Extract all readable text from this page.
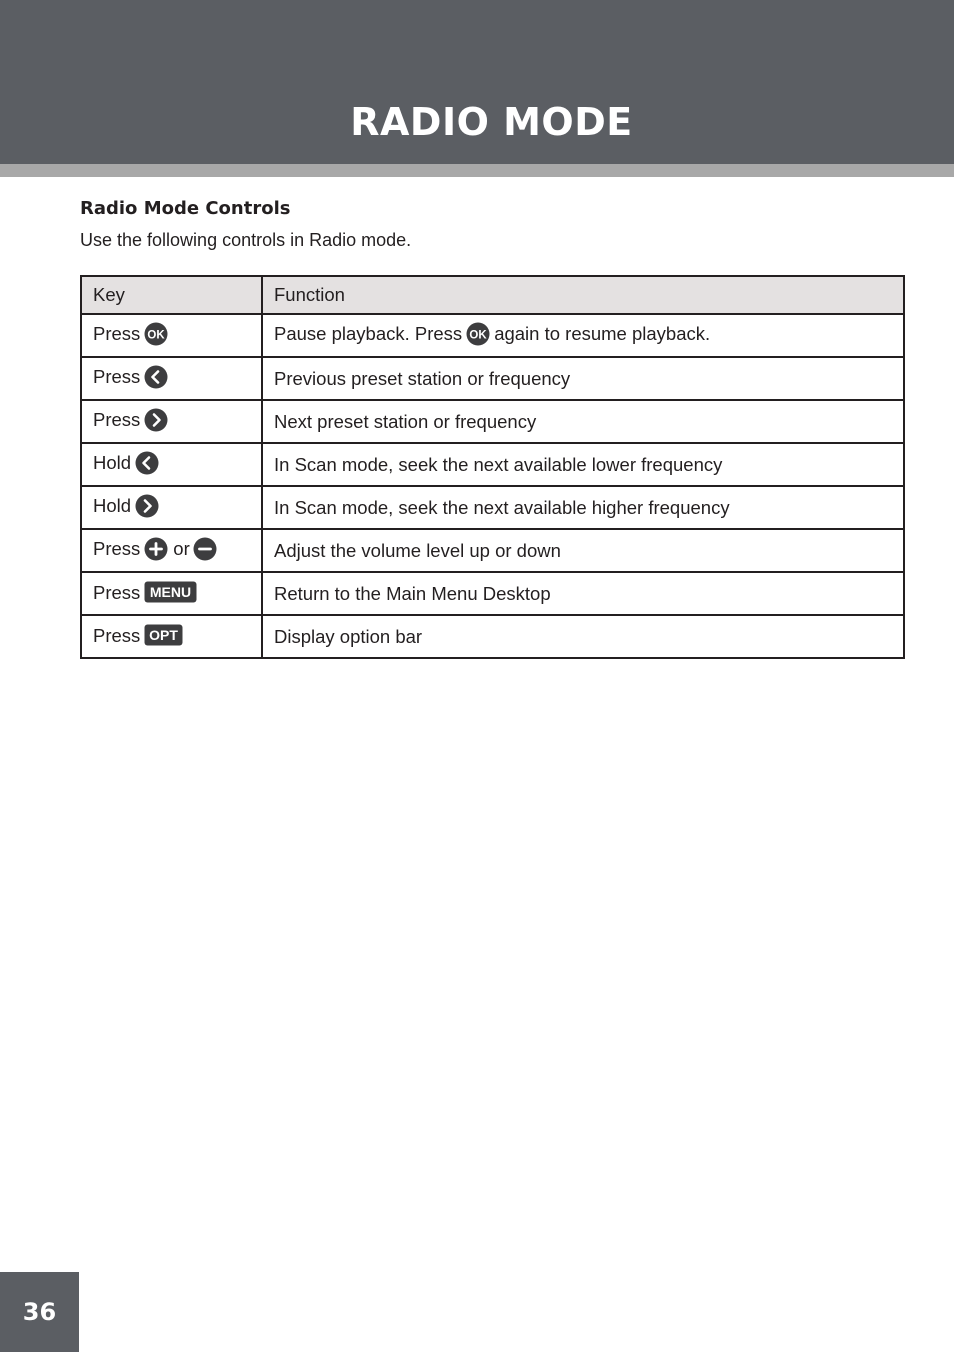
RADIO MODE
Radio Mode Controls
Use the following controls in Radio mode.
Key	Function
Press OK	Pause playback. Press OK again to resume playback.
Press	Previous preset station or frequency
Press	Next preset station or frequency
Hold	In Scan mode, seek the next available lower frequency
Hold	In Scan mode, seek the next available higher frequency
Press or	Adjust the volume level up or down
Press MENU	Return to the Main Menu Desktop
Press OPT	Display option bar
36
